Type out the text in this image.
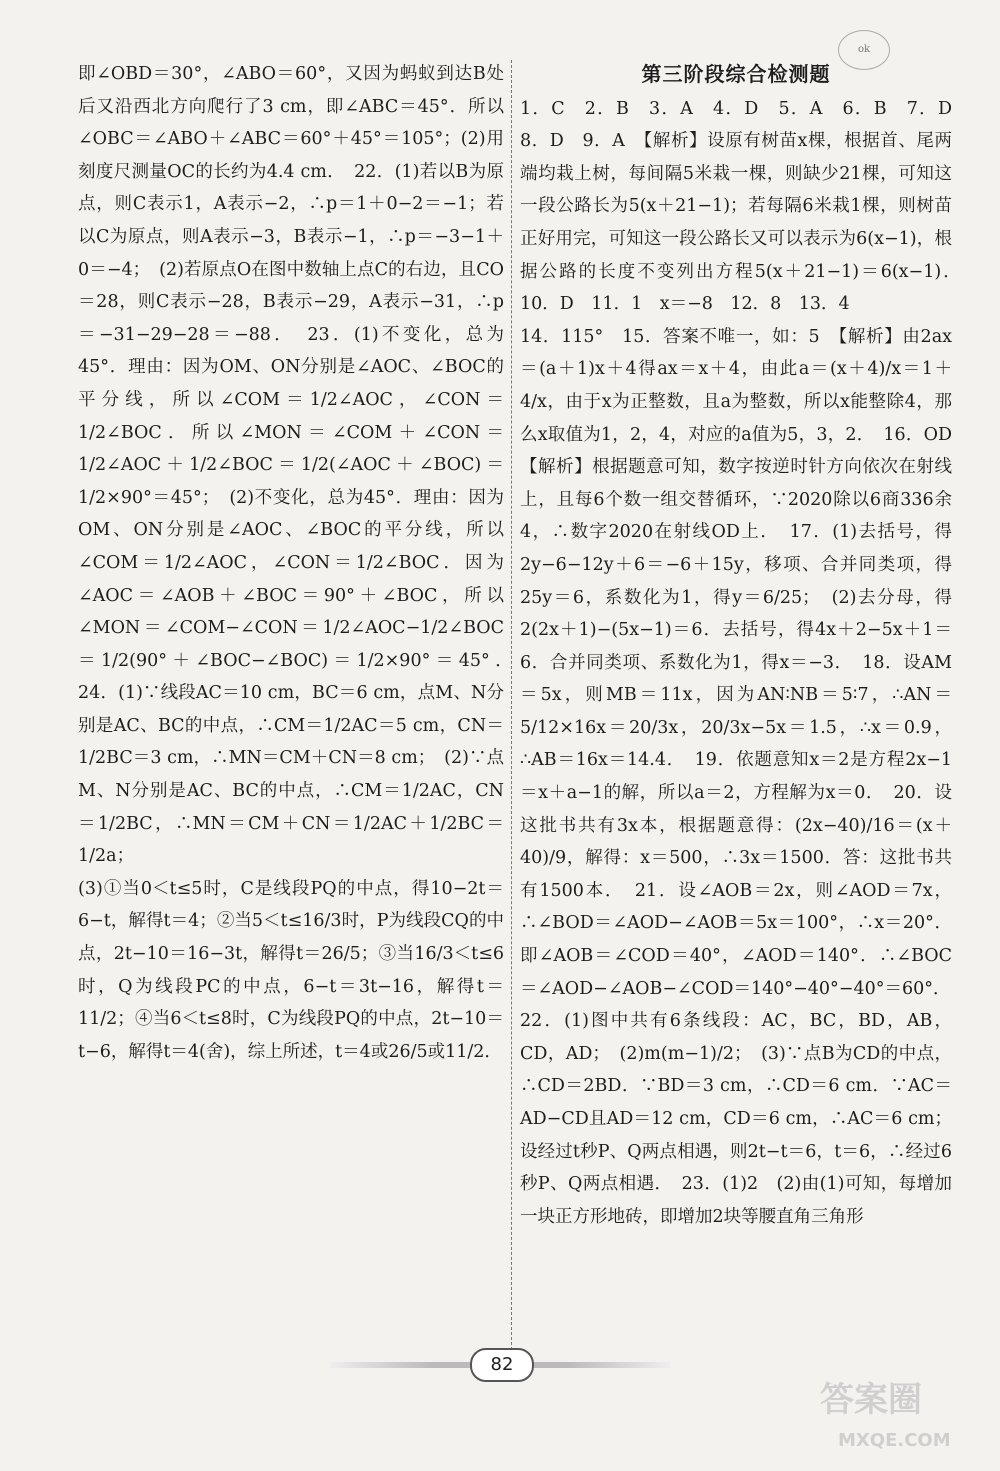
ok

即∠OBD＝30°，∠ABO＝60°，又因为蚂蚁到达B处后又沿西北方向爬行了3 cm，即∠ABC＝45°．所以∠OBC＝∠ABO＋∠ABC＝60°＋45°＝105°；(2)用刻度尺测量OC的长约为4.4 cm．　22．(1)若以B为原点，则C表示1，A表示−2，∴p＝1＋0−2＝−1；若以C为原点，则A表示−3，B表示−1，∴p＝−3−1＋0＝−4；　(2)若原点O在图中数轴上点C的右边，且CO＝28，则C表示−28，B表示−29，A表示−31，∴p＝−31−29−28＝−88．　23．(1)不变化，总为45°．理由：因为OM、ON分别是∠AOC、∠BOC的平分线，所以∠COM＝1/2∠AOC，∠CON＝1/2∠BOC．所以∠MON＝∠COM＋∠CON＝1/2∠AOC＋1/2∠BOC＝1/2(∠AOC＋∠BOC)＝1/2×90°＝45°；　(2)不变化，总为45°．理由：因为OM、ON分别是∠AOC、∠BOC的平分线，所以∠COM＝1/2∠AOC，∠CON＝1/2∠BOC．因为∠AOC＝∠AOB＋∠BOC＝90°＋∠BOC，所以∠MON＝∠COM−∠CON＝1/2∠AOC−1/2∠BOC＝1/2(90°＋∠BOC−∠BOC)＝1/2×90°＝45°．　24．(1)∵线段AC＝10 cm，BC＝6 cm，点M、N分别是AC、BC的中点，∴CM＝1/2AC＝5 cm，CN＝1/2BC＝3 cm，∴MN＝CM＋CN＝8 cm；　(2)∵点M、N分别是AC、BC的中点，∴CM＝1/2AC，CN＝1/2BC，∴MN＝CM＋CN＝1/2AC＋1/2BC＝1/2a；

(3)①当0＜t≤5时，C是线段PQ的中点，得10−2t＝6−t，解得t＝4；②当5＜t≤16/3时，P为线段CQ的中点，2t−10＝16−3t，解得t＝26/5；③当16/3＜t≤6时，Q为线段PC的中点，6−t＝3t−16，解得t＝11/2；④当6＜t≤8时，C为线段PQ的中点，2t−10＝t−6，解得t＝4(舍)，综上所述，t＝4或26/5或11/2．

第三阶段综合检测题

1．C　2．B　3．A　4．D　5．A　6．B　7．D　8．D　9．A　【解析】设原有树苗x棵，根据首、尾两端均栽上树，每间隔5米栽一棵，则缺少21棵，可知这一段公路长为5(x＋21−1)；若每隔6米栽1棵，则树苗正好用完，可知这一段公路长又可以表示为6(x−1)，根据公路的长度不变列出方程5(x＋21−1)＝6(x−1)．　10．D　11．1　x＝−8　12．8　13．4

14．115°　15．答案不唯一，如：5　【解析】由2ax＝(a＋1)x＋4得ax＝x＋4，由此a＝(x＋4)/x＝1＋4/x，由于x为正整数，且a为整数，所以x能整除4，那么x取值为1，2，4，对应的a值为5，3，2．　16．OD　【解析】根据题意可知，数字按逆时针方向依次在射线上，且每6个数一组交替循环，∵2020除以6商336余4，∴数字2020在射线OD上．　17．(1)去括号，得2y−6−12y＋6＝−6＋15y，移项、合并同类项，得25y＝6，系数化为1，得y＝6/25；　(2)去分母，得2(2x＋1)−(5x−1)＝6．去括号，得4x＋2−5x＋1＝6．合并同类项、系数化为1，得x＝−3．　18．设AM＝5x，则MB＝11x，因为AN∶NB＝5∶7，∴AN＝5/12×16x＝20/3x，20/3x−5x＝1.5，∴x＝0.9，∴AB＝16x＝14.4．　19．依题意知x＝2是方程2x−1＝x＋a−1的解，所以a＝2，方程解为x＝0．　20．设这批书共有3x本，根据题意得：(2x−40)/16＝(x＋40)/9，解得：x＝500，∴3x＝1500．答：这批书共有1500本．　21．设∠AOB＝2x，则∠AOD＝7x，∴∠BOD＝∠AOD−∠AOB＝5x＝100°，∴x＝20°．即∠AOB＝∠COD＝40°，∠AOD＝140°．∴∠BOC＝∠AOD−∠AOB−∠COD＝140°−40°−40°＝60°．

22．(1)图中共有6条线段：AC，BC，BD，AB，CD，AD；　(2)m(m−1)/2；　(3)∵点B为CD的中点，∴CD＝2BD．∵BD＝3 cm，∴CD＝6 cm．∵AC＝AD−CD且AD＝12 cm，CD＝6 cm，∴AC＝6 cm；设经过t秒P、Q两点相遇，则2t−t＝6，t＝6，∴经过6秒P、Q两点相遇．　23．(1)2　(2)由(1)可知，每增加一块正方形地砖，即增加2块等腰直角三角形

82
答案圈
MXQE.COM
